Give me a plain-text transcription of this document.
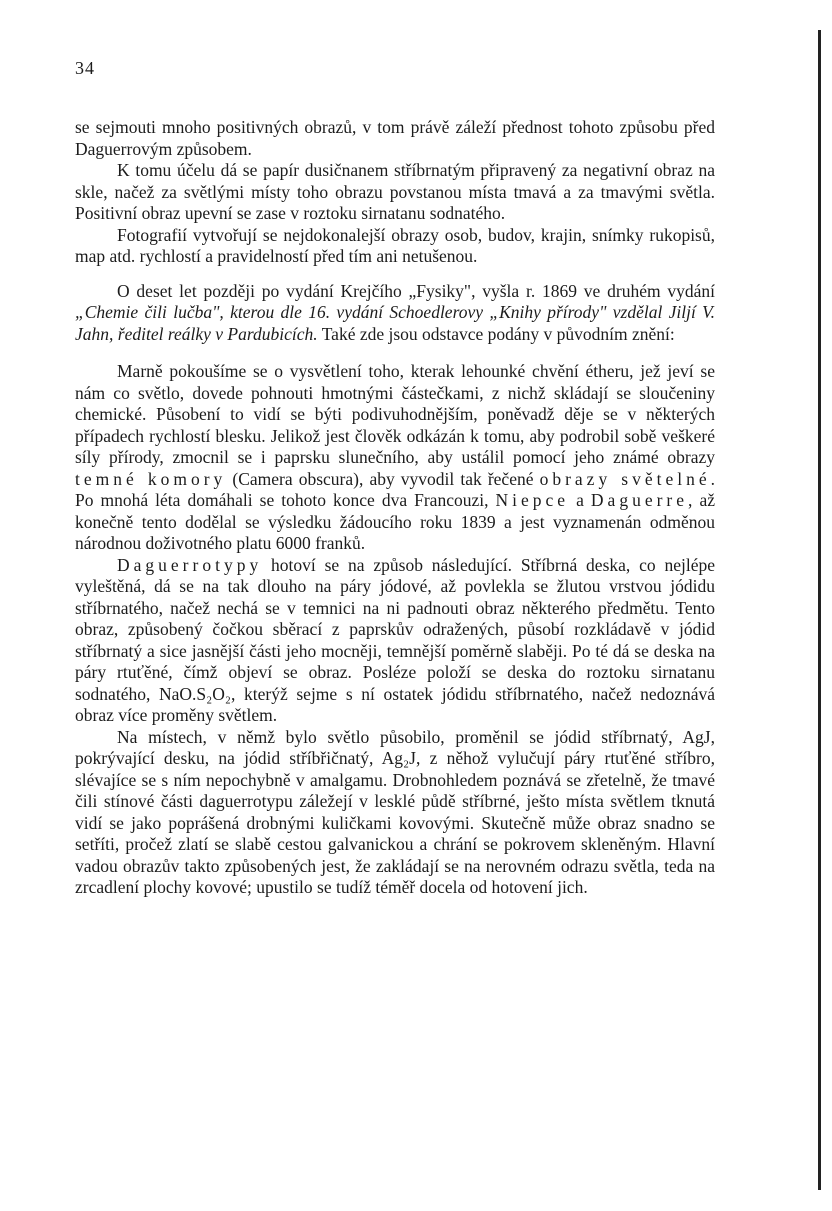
34

se sejmouti mnoho positivných obrazů, v tom právě záleží přednost tohoto způsobu před Daguerrovým způsobem.

K tomu účelu dá se papír dusičnanem stříbrnatým připravený za negativní obraz na skle, načež za světlými místy toho obrazu povstanou místa tmavá a za tmavými světla. Positivní obraz upevní se zase v roztoku sirnatanu sodnatého.

Fotografií vytvořují se nejdokonalejší obrazy osob, budov, krajin, snímky rukopisů, map atd. rychlostí a pravidelností před tím ani netušenou.

O deset let později po vydání Krejčího „Fysiky", vyšla r. 1869 ve druhém vydání „Chemie čili lučba", kterou dle 16. vydání Schoedlerovy „Knihy přírody" vzdělal Jiljí V. Jahn, ředitel reálky v Pardubicích. Také zde jsou odstavce podány v původním znění:

Marně pokoušíme se o vysvětlení toho, kterak lehounké chvění étheru, jež jeví se nám co světlo, dovede pohnouti hmotnými částečkami, z nichž skládají se sloučeniny chemické. Působení to vidí se býti podivuhodnějším, poněvadž děje se v některých případech rychlostí blesku. Jelikož jest člověk odkázán k tomu, aby podrobil sobě veškeré síly přírody, zmocnil se i paprsku slunečního, aby ustálil pomocí jeho známé obrazy temné komory (Camera obscura), aby vyvodil tak řečené obrazy světelné. Po mnohá léta domáhali se tohoto konce dva Francouzi, Niepce a Daguerre, až konečně tento dodělal se výsledku žádoucího roku 1839 a jest vyznamenán odměnou národnou doživotného platu 6000 franků.

Daguerrotypy hotoví se na způsob následující. Stříbrná deska, co nejlépe vyleštěná, dá se na tak dlouho na páry jódové, až povlekla se žlutou vrstvou jódidu stříbrnatého, načež nechá se v temnici na ni padnouti obraz některého předmětu. Tento obraz, způsobený čočkou sběrací z paprskův odražených, působí rozkládavě v jódid stříbrnatý a sice jasnější části jeho mocněji, temnější poměrně slaběji. Po té dá se deska na páry rtuťěné, čímž objeví se obraz. Posléze položí se deska do roztoku sirnatanu sodnatého, NaO.S₂O₂, kterýž sejme s ní ostatek jódidu stříbrnatého, načež nedoznává obraz více proměny světlem.

Na místech, v němž bylo světlo působilo, proměnil se jódid stříbrnatý, AgJ, pokrývající desku, na jódid stříbřičnatý, Ag₂J, z něhož vylučují páry rtuťěné stříbro, slévajíce se s ním nepochybně v amalgamu. Drobnohledem poznává se zřetelně, že tmavé čili stínové části daguerrotypu záležejí v lesklé půdě stříbrné, ješto místa světlem tknutá vidí se jako poprášená drobnými kuličkami kovovými. Skutečně může obraz snadno se setříti, pročež zlatí se slabě cestou galvanickou a chrání se pokrovem skleněným. Hlavní vadou obrazův takto způsobených jest, že zakládají se na nerovném odrazu světla, teda na zrcadlení plochy kovové; upustilo se tudíž téměř docela od hotovení jich.
